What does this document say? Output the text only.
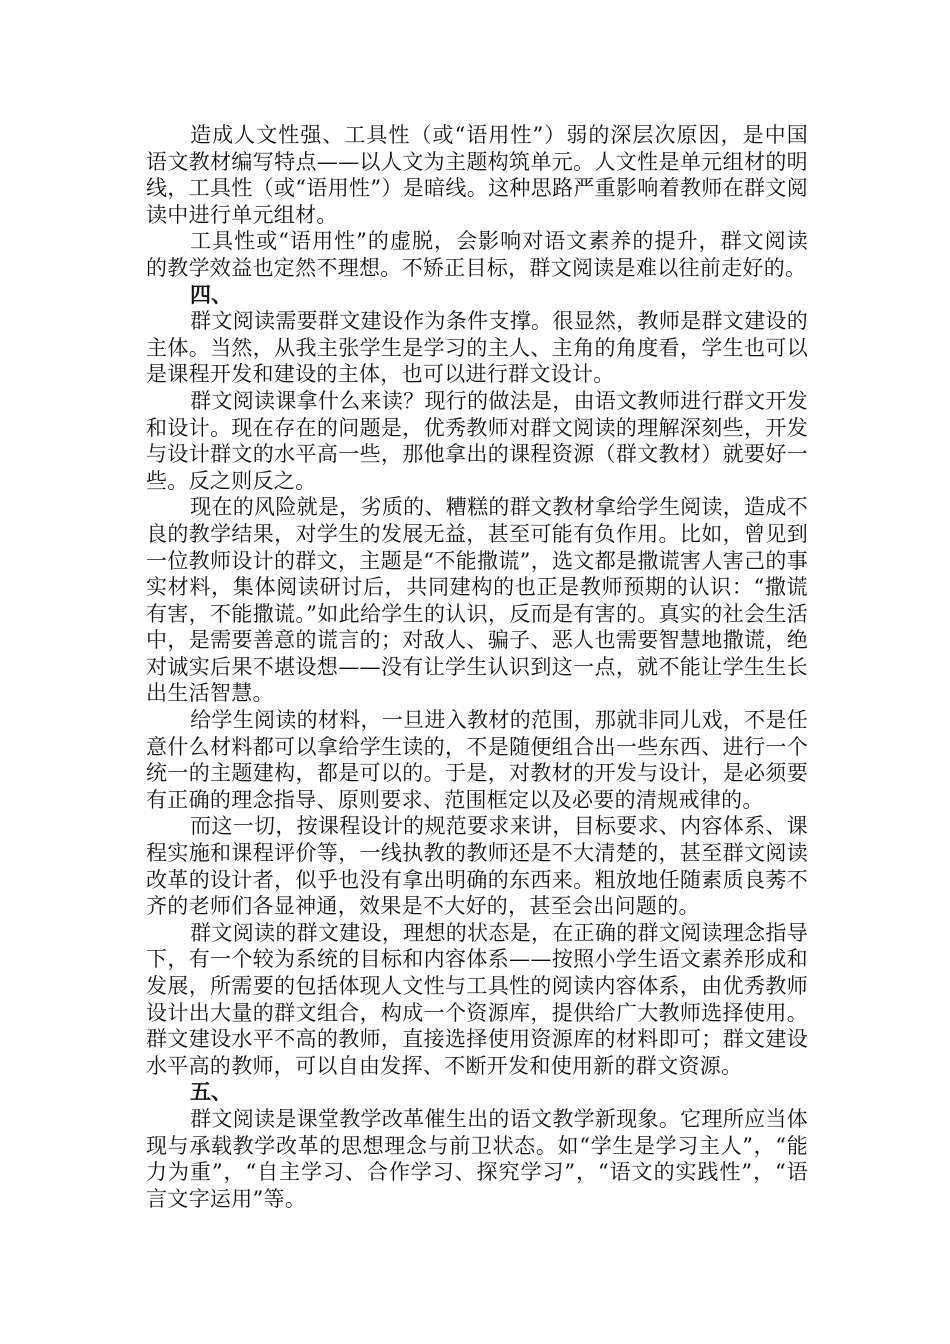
造成人文性强、工具性（或“语用性”）弱的深层次原因，是中国语文教材编写特点——以人文为主题构筑单元。人文性是单元组材的明线，工具性（或“语用性”）是暗线。这种思路严重影响着教师在群文阅读中进行单元组材。

工具性或“语用性”的虚脱，会影响对语文素养的提升，群文阅读的教学效益也定然不理想。不矫正目标，群文阅读是难以往前走好的。

四、

群文阅读需要群文建设作为条件支撑。很显然，教师是群文建设的主体。当然，从我主张学生是学习的主人、主角的角度看，学生也可以是课程开发和建设的主体，也可以进行群文设计。

群文阅读课拿什么来读？现行的做法是，由语文教师进行群文开发和设计。现在存在的问题是，优秀教师对群文阅读的理解深刻些，开发与设计群文的水平高一些，那他拿出的课程资源（群文教材）就要好一些。反之则反之。

现在的风险就是，劣质的、糟糕的群文教材拿给学生阅读，造成不良的教学结果，对学生的发展无益，甚至可能有负作用。比如，曾见到一位教师设计的群文，主题是“不能撒谎”，选文都是撒谎害人害己的事实材料，集体阅读研讨后，共同建构的也正是教师预期的认识：“撒谎有害，不能撒谎。”如此给学生的认识，反而是有害的。真实的社会生活中，是需要善意的谎言的；对敌人、骗子、恶人也需要智慧地撒谎，绝对诚实后果不堪设想——没有让学生认识到这一点，就不能让学生生长出生活智慧。

给学生阅读的材料，一旦进入教材的范围，那就非同儿戏，不是任意什么材料都可以拿给学生读的，不是随便组合出一些东西、进行一个统一的主题建构，都是可以的。于是，对教材的开发与设计，是必须要有正确的理念指导、原则要求、范围框定以及必要的清规戒律的。

而这一切，按课程设计的规范要求来讲，目标要求、内容体系、课程实施和课程评价等，一线执教的教师还是不大清楚的，甚至群文阅读改革的设计者，似乎也没有拿出明确的东西来。粗放地任随素质良莠不齐的老师们各显神通，效果是不大好的，甚至会出问题的。

群文阅读的群文建设，理想的状态是，在正确的群文阅读理念指导下，有一个较为系统的目标和内容体系——按照小学生语文素养形成和发展，所需要的包括体现人文性与工具性的阅读内容体系，由优秀教师设计出大量的群文组合，构成一个资源库，提供给广大教师选择使用。群文建设水平不高的教师，直接选择使用资源库的材料即可；群文建设水平高的教师，可以自由发挥、不断开发和使用新的群文资源。

五、

群文阅读是课堂教学改革催生出的语文教学新现象。它理所应当体现与承载教学改革的思想理念与前卫状态。如“学生是学习主人”，“能力为重”，“自主学习、合作学习、探究学习”，“语文的实践性”，“语言文字运用”等。
